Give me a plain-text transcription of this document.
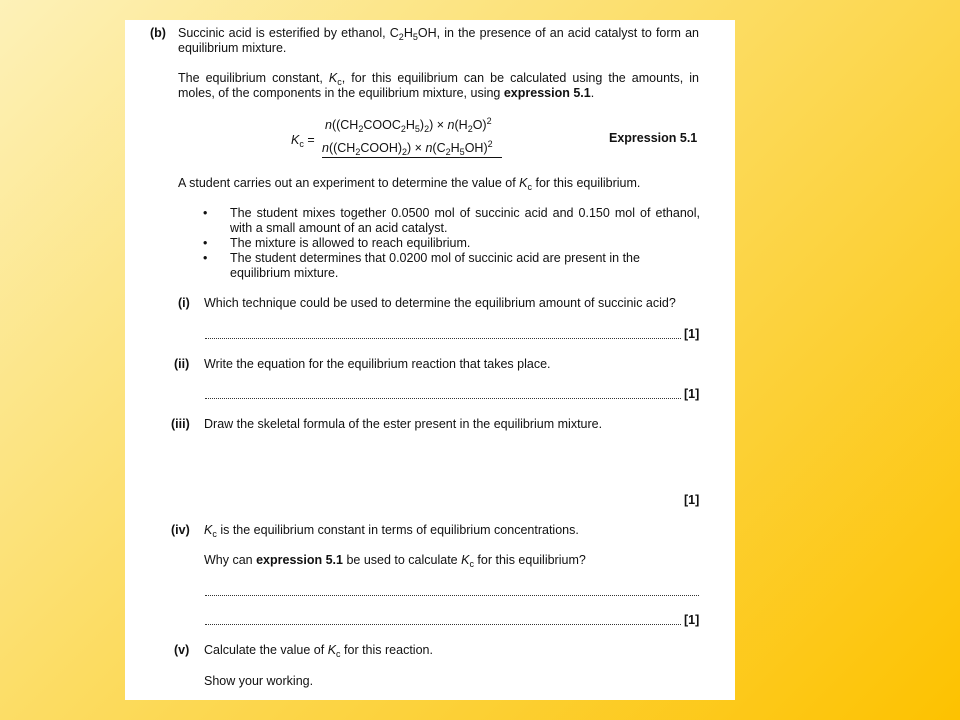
(b) Succinic acid is esterified by ethanol, $C_2H_5OH$, in the presence of an acid catalyst to form an
equilibrium mixture.
The equilibrium constant, $K_c$, for this equilibrium can be calculated using the amounts, in
moles, of the components in the equilibrium mixture, using expression 5.1.
$K_c$ =
$n((CH_2COOC_2H_5)_2) \times n(H_2O)^2$
$n((CH_2COOH)_2) \times n(C_2H_5OH)^2$	Expression 5.1
A student carries out an experiment to determine the value of $K_c$ for this equilibrium.
• The student mixes together 0.0500 mol of succinic acid and 0.150 mol of ethanol,
with a small amount of an acid catalyst.
• The mixture is allowed to reach equilibrium.
• The student determines that 0.0200 mol of succinic acid are present in the
equilibrium mixture.
(i) Which technique could be used to determine the equilibrium amount of succinic acid?
[1]
(ii) Write the equation for the equilibrium reaction that takes place.
[1]
(iii) Draw the skeletal formula of the ester present in the equilibrium mixture.
[1]
(iv) $K_c$ is the equilibrium constant in terms of equilibrium concentrations.
Why can expression 5.1 be used to calculate $K_c$ for this equilibrium?
[1]
(v) Calculate the value of $K_c$ for this reaction.
Show your working.
